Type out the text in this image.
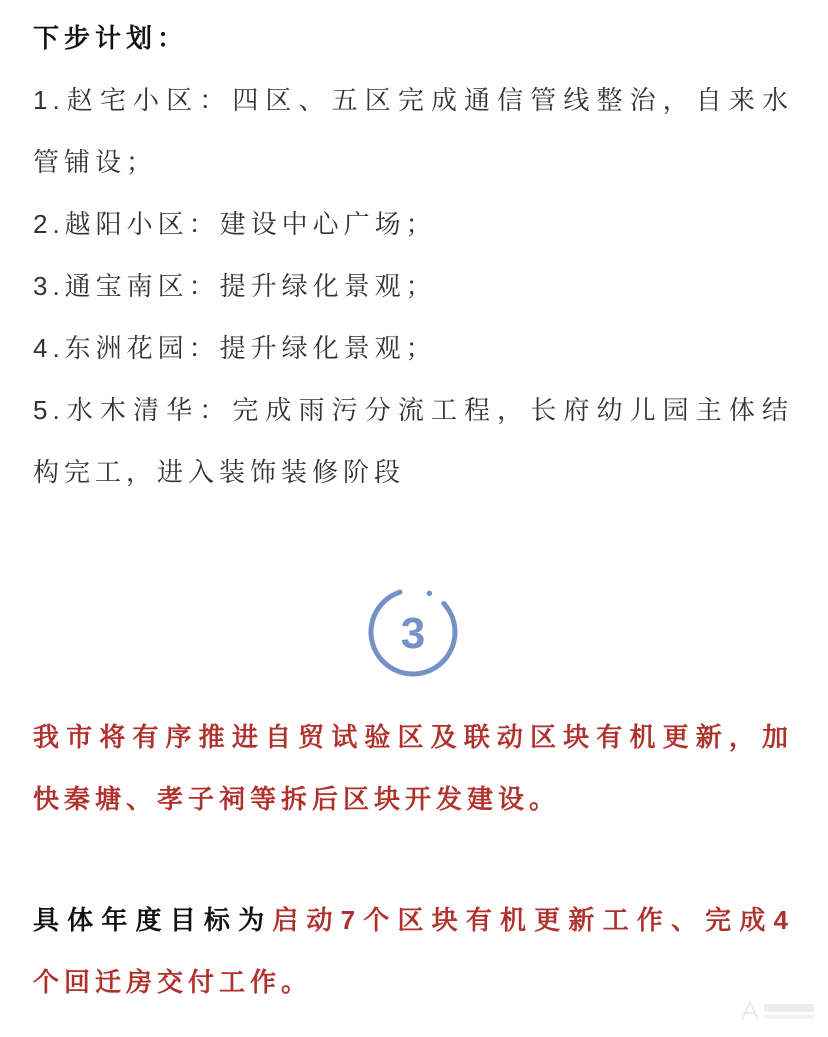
下步计划：
1.赵宅小区：四区、五区完成通信管线整治，自来水
管铺设；
2.越阳小区：建设中心广场；
3.通宝南区：提升绿化景观；
4.东洲花园：提升绿化景观；
5.水木清华：完成雨污分流工程，长府幼儿园主体结
构完工，进入装饰装修阶段
3
我市将有序推进自贸试验区及联动区块有机更新，加
快秦塘、孝子祠等拆后区块开发建设。
具体年度目标为启动7个区块有机更新工作、完成4
个回迁房交付工作。
